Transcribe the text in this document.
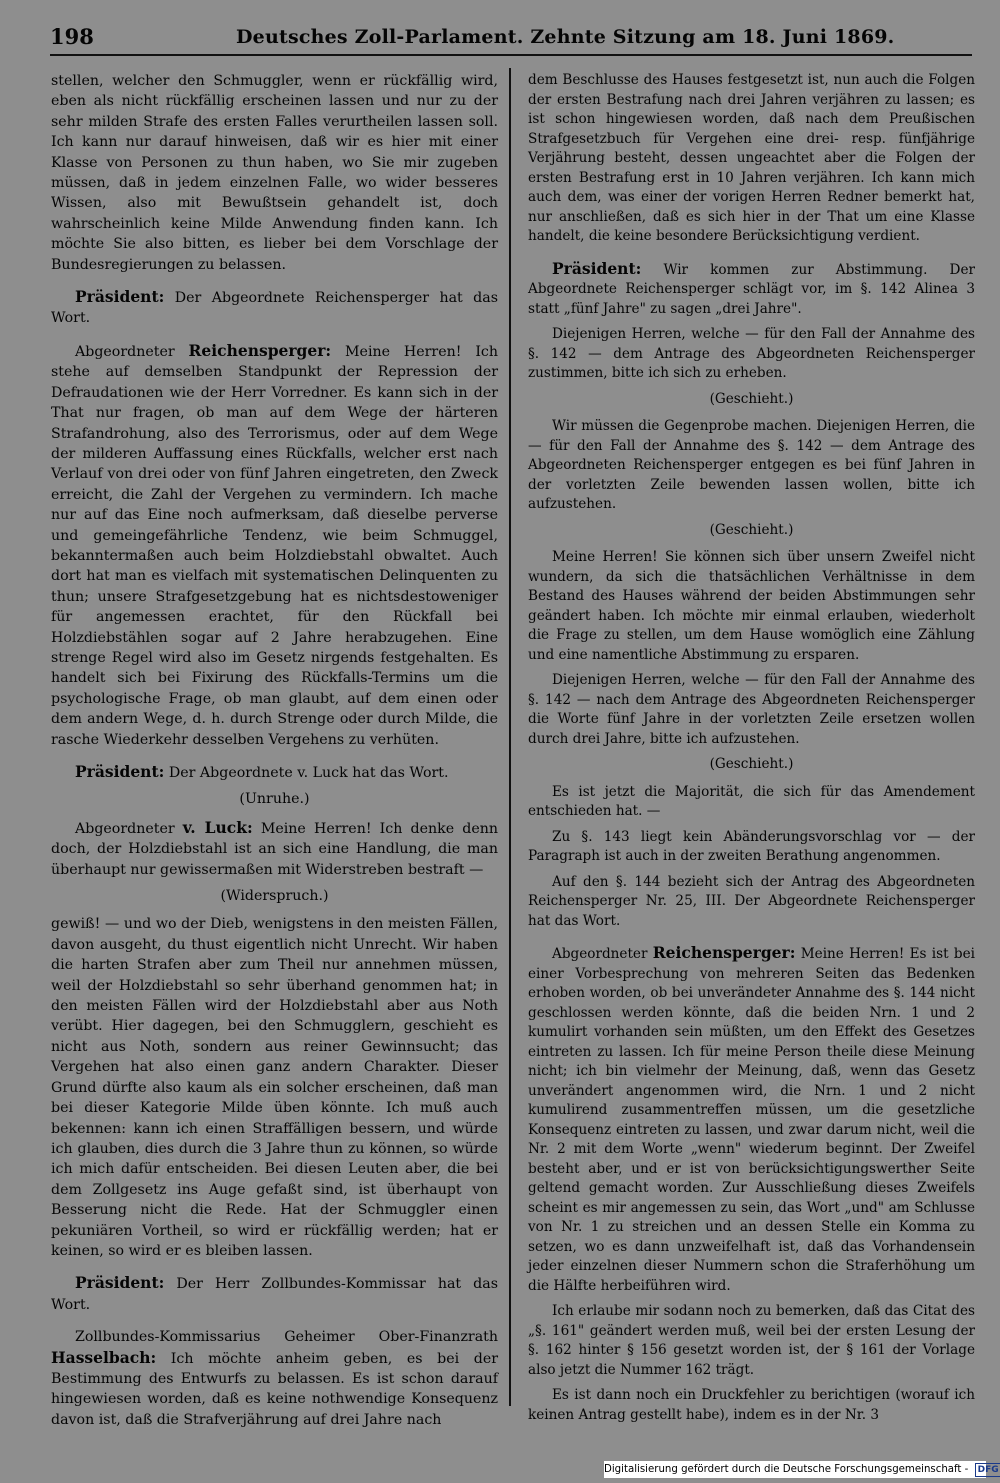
198	Deutsches Zoll-Parlament. Zehnte Sitzung am 18. Juni 1869.

stellen, welcher den Schmuggler, wenn er rückfällig wird, eben als nicht rückfällig erscheinen lassen und nur zu der sehr milden Strafe des ersten Falles verurtheilen lassen soll. Ich kann nur darauf hinweisen, daß wir es hier mit einer Klasse von Personen zu thun haben, wo Sie mir zugeben müssen, daß in jedem einzelnen Falle, wo wider besseres Wissen, also mit Bewußtsein gehandelt ist, doch wahrscheinlich keine Milde Anwendung finden kann. Ich möchte Sie also bitten, es lieber bei dem Vorschlage der Bundesregierungen zu belassen.

Präsident: Der Abgeordnete Reichensperger hat das Wort.

Abgeordneter Reichensperger: Meine Herren! Ich stehe auf demselben Standpunkt der Repression der Defraudationen wie der Herr Vorredner. Es kann sich in der That nur fragen, ob man auf dem Wege der härteren Strafandrohung, also des Terrorismus, oder auf dem Wege der milderen Auffassung eines Rückfalls, welcher erst nach Verlauf von drei oder von fünf Jahren eingetreten, den Zweck erreicht, die Zahl der Vergehen zu vermindern. Ich mache nur auf das Eine noch aufmerksam, daß dieselbe perverse und gemeingefährliche Tendenz, wie beim Schmuggel, bekanntermaßen auch beim Holzdiebstahl obwaltet. Auch dort hat man es vielfach mit systematischen Delinquenten zu thun; unsere Strafgesetzgebung hat es nichtsdestoweniger für angemessen erachtet, für den Rückfall bei Holzdiebstählen sogar auf 2 Jahre herabzugehen. Eine strenge Regel wird also im Gesetz nirgends festgehalten. Es handelt sich bei Fixirung des Rückfalls-Termins um die psychologische Frage, ob man glaubt, auf dem einen oder dem andern Wege, d. h. durch Strenge oder durch Milde, die rasche Wiederkehr desselben Vergehens zu verhüten.

Präsident: Der Abgeordnete v. Luck hat das Wort.

(Unruhe.)

Abgeordneter v. Luck: Meine Herren! Ich denke denn doch, der Holzdiebstahl ist an sich eine Handlung, die man überhaupt nur gewissermaßen mit Widerstreben bestraft —

(Widerspruch.)

gewiß! — und wo der Dieb, wenigstens in den meisten Fällen, davon ausgeht, du thust eigentlich nicht Unrecht. Wir haben die harten Strafen aber zum Theil nur annehmen müssen, weil der Holzdiebstahl so sehr überhand genommen hat; in den meisten Fällen wird der Holzdiebstahl aber aus Noth verübt. Hier dagegen, bei den Schmugglern, geschieht es nicht aus Noth, sondern aus reiner Gewinnsucht; das Vergehen hat also einen ganz andern Charakter. Dieser Grund dürfte also kaum als ein solcher erscheinen, daß man bei dieser Kategorie Milde üben könnte. Ich muß auch bekennen: kann ich einen Straffälligen bessern, und würde ich glauben, dies durch die 3 Jahre thun zu können, so würde ich mich dafür entscheiden. Bei diesen Leuten aber, die bei dem Zollgesetz ins Auge gefaßt sind, ist überhaupt von Besserung nicht die Rede. Hat der Schmuggler einen pekuniären Vortheil, so wird er rückfällig werden; hat er keinen, so wird er es bleiben lassen.

Präsident: Der Herr Zollbundes-Kommissar hat das Wort.

Zollbundes-Kommissarius Geheimer Ober-Finanzrath Hasselbach: Ich möchte anheim geben, es bei der Bestimmung des Entwurfs zu belassen. Es ist schon darauf hingewiesen worden, daß es keine nothwendige Konsequenz davon ist, daß die Strafverjährung auf drei Jahre nach

dem Beschlusse des Hauses festgesetzt ist, nun auch die Folgen der ersten Bestrafung nach drei Jahren verjähren zu lassen; es ist schon hingewiesen worden, daß nach dem Preußischen Strafgesetzbuch für Vergehen eine drei- resp. fünfjährige Verjährung besteht, dessen ungeachtet aber die Folgen der ersten Bestrafung erst in 10 Jahren verjähren. Ich kann mich auch dem, was einer der vorigen Herren Redner bemerkt hat, nur anschließen, daß es sich hier in der That um eine Klasse handelt, die keine besondere Berücksichtigung verdient.

Präsident: Wir kommen zur Abstimmung. Der Abgeordnete Reichensperger schlägt vor, im §. 142 Alinea 3 statt „fünf Jahre" zu sagen „drei Jahre".

Diejenigen Herren, welche — für den Fall der Annahme des §. 142 — dem Antrage des Abgeordneten Reichensperger zustimmen, bitte ich sich zu erheben.

(Geschieht.)

Wir müssen die Gegenprobe machen. Diejenigen Herren, die — für den Fall der Annahme des §. 142 — dem Antrage des Abgeordneten Reichensperger entgegen es bei fünf Jahren in der vorletzten Zeile bewenden lassen wollen, bitte ich aufzustehen.

(Geschieht.)

Meine Herren! Sie können sich über unsern Zweifel nicht wundern, da sich die thatsächlichen Verhältnisse in dem Bestand des Hauses während der beiden Abstimmungen sehr geändert haben. Ich möchte mir einmal erlauben, wiederholt die Frage zu stellen, um dem Hause womöglich eine Zählung und eine namentliche Abstimmung zu ersparen.

Diejenigen Herren, welche — für den Fall der Annahme des §. 142 — nach dem Antrage des Abgeordneten Reichensperger die Worte fünf Jahre in der vorletzten Zeile ersetzen wollen durch drei Jahre, bitte ich aufzustehen.

(Geschieht.)

Es ist jetzt die Majorität, die sich für das Amendement entschieden hat. —

Zu §. 143 liegt kein Abänderungsvorschlag vor — der Paragraph ist auch in der zweiten Berathung angenommen.

Auf den §. 144 bezieht sich der Antrag des Abgeordneten Reichensperger Nr. 25, III. Der Abgeordnete Reichensperger hat das Wort.

Abgeordneter Reichensperger: Meine Herren! Es ist bei einer Vorbesprechung von mehreren Seiten das Bedenken erhoben worden, ob bei unverändeter Annahme des §. 144 nicht geschlossen werden könnte, daß die beiden Nrn. 1 und 2 kumulirt vorhanden sein müßten, um den Effekt des Gesetzes eintreten zu lassen. Ich für meine Person theile diese Meinung nicht; ich bin vielmehr der Meinung, daß, wenn das Gesetz unverändert angenommen wird, die Nrn. 1 und 2 nicht kumulirend zusammentreffen müssen, um die gesetzliche Konsequenz eintreten zu lassen, und zwar darum nicht, weil die Nr. 2 mit dem Worte „wenn" wiederum beginnt. Der Zweifel besteht aber, und er ist von berücksichtigungswerther Seite geltend gemacht worden. Zur Ausschließung dieses Zweifels scheint es mir angemessen zu sein, das Wort „und" am Schlusse von Nr. 1 zu streichen und an dessen Stelle ein Komma zu setzen, wo es dann unzweifelhaft ist, daß das Vorhandensein jeder einzelnen dieser Nummern schon die Straferhöhung um die Hälfte herbeiführen wird.

Ich erlaube mir sodann noch zu bemerken, daß das Citat des „§. 161" geändert werden muß, weil bei der ersten Lesung der §. 162 hinter § 156 gesetzt worden ist, der § 161 der Vorlage also jetzt die Nummer 162 trägt.

Es ist dann noch ein Druckfehler zu berichtigen (worauf ich keinen Antrag gestellt habe), indem es in der Nr. 3

Digitalisierung gefördert durch die Deutsche Forschungsgemeinschaft - DFG
